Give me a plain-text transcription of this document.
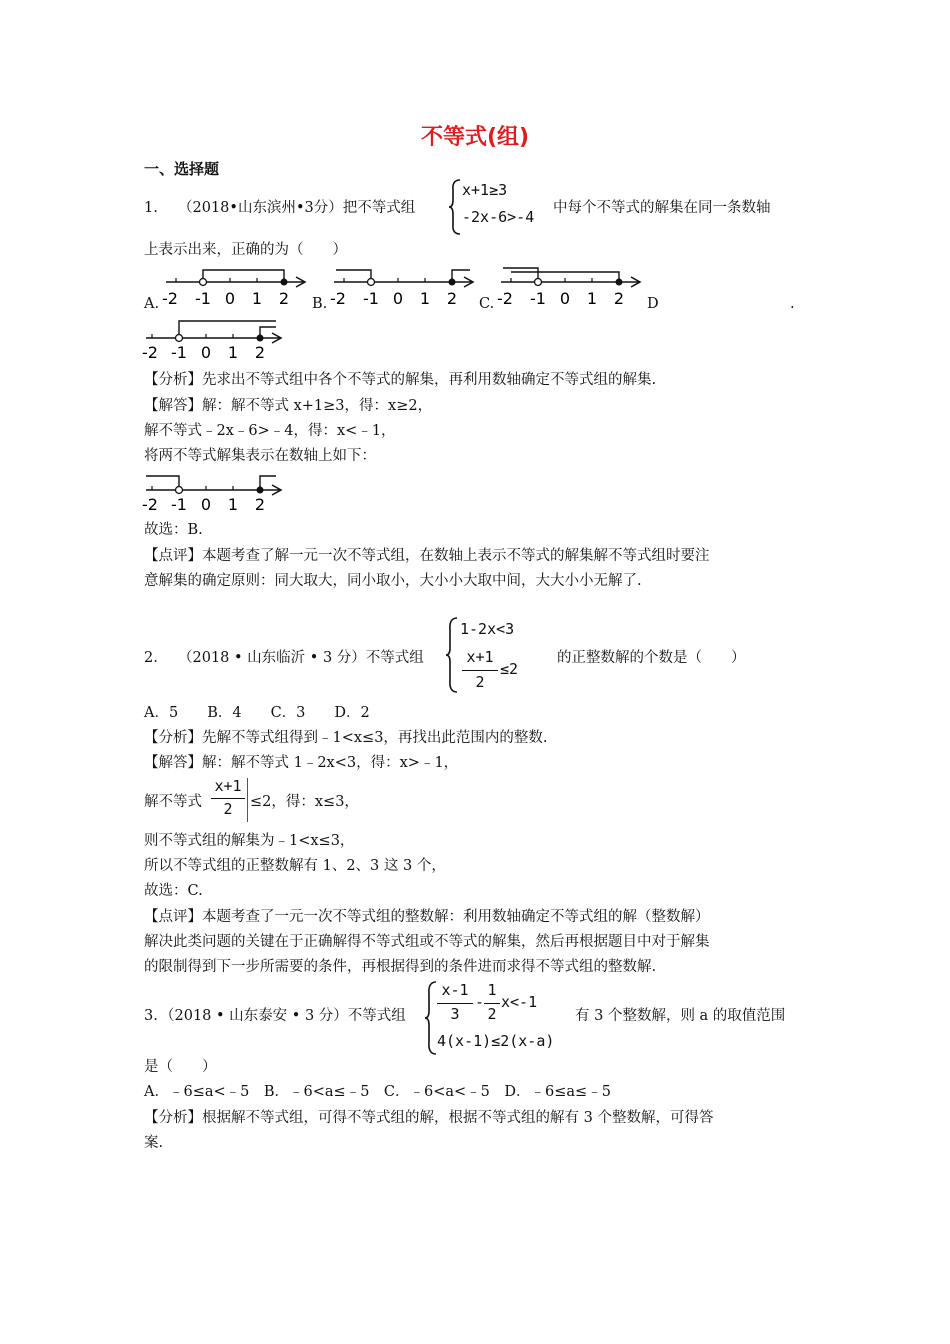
不等式(组)
一、选择题
1. （2018•山东滨州•3分）把不等式组
x+1≥3
-2x-6>-4 中每个不等式的解集在同一条数轴
上表示出来，正确的为（　　）
A. -2 -1 0 1 2 B. -2 -1 0 1 2 C. -2 -1 0 1 2 D	.
-2 -1 0 1 2
【分析】先求出不等式组中各个不等式的解集，再利用数轴确定不等式组的解集.
【解答】解：解不等式 x+1≥3，得：x≥2，
解不等式﹣2x﹣6>﹣4，得：x<﹣1，
将两不等式解集表示在数轴上如下：
-2 -1 0 1 2
故选：B.
【点评】本题考查了解一元一次不等式组，在数轴上表示不等式的解集解不等式组时要注
意解集的确定原则：同大取大，同小取小，大小小大取中间，大大小小无解了.
2. （2018 • 山东临沂 • 3 分）不等式组
1-2x<3
x+1
2
≤2
的正整数解的个数是（　　）
A．5　　B．4　　C．3　　D．2
【分析】先解不等式组得到﹣1<x≤3，再找出此范围内的整数.
【解答】解：解不等式 1﹣2x<3，得：x>﹣1，
解不等式
x+1
2	≤2，得：x≤3，
则不等式组的解集为﹣1<x≤3，
所以不等式组的正整数解有 1、2、3 这 3 个，
故选：C.
【点评】本题考查了一元一次不等式组的整数解：利用数轴确定不等式组的解（整数解）
解决此类问题的关键在于正确解得不等式组或不等式的解集，然后再根据题目中对于解集
的限制得到下一步所需要的条件，再根据得到的条件进而求得不等式组的整数解.
3. （2018 • 山东泰安 • 3 分）不等式组
x-1
3
-
1
2
x<-1
4(x-1)≤2(x-a)
有 3 个整数解，则 a 的取值范围
是（　　）
A．﹣6≤a<﹣5　B．﹣6<a≤﹣5　C．﹣6<a<﹣5　D．﹣6≤a≤﹣5
【分析】根据解不等式组，可得不等式组的解，根据不等式组的解有 3 个整数解，可得答
案.
